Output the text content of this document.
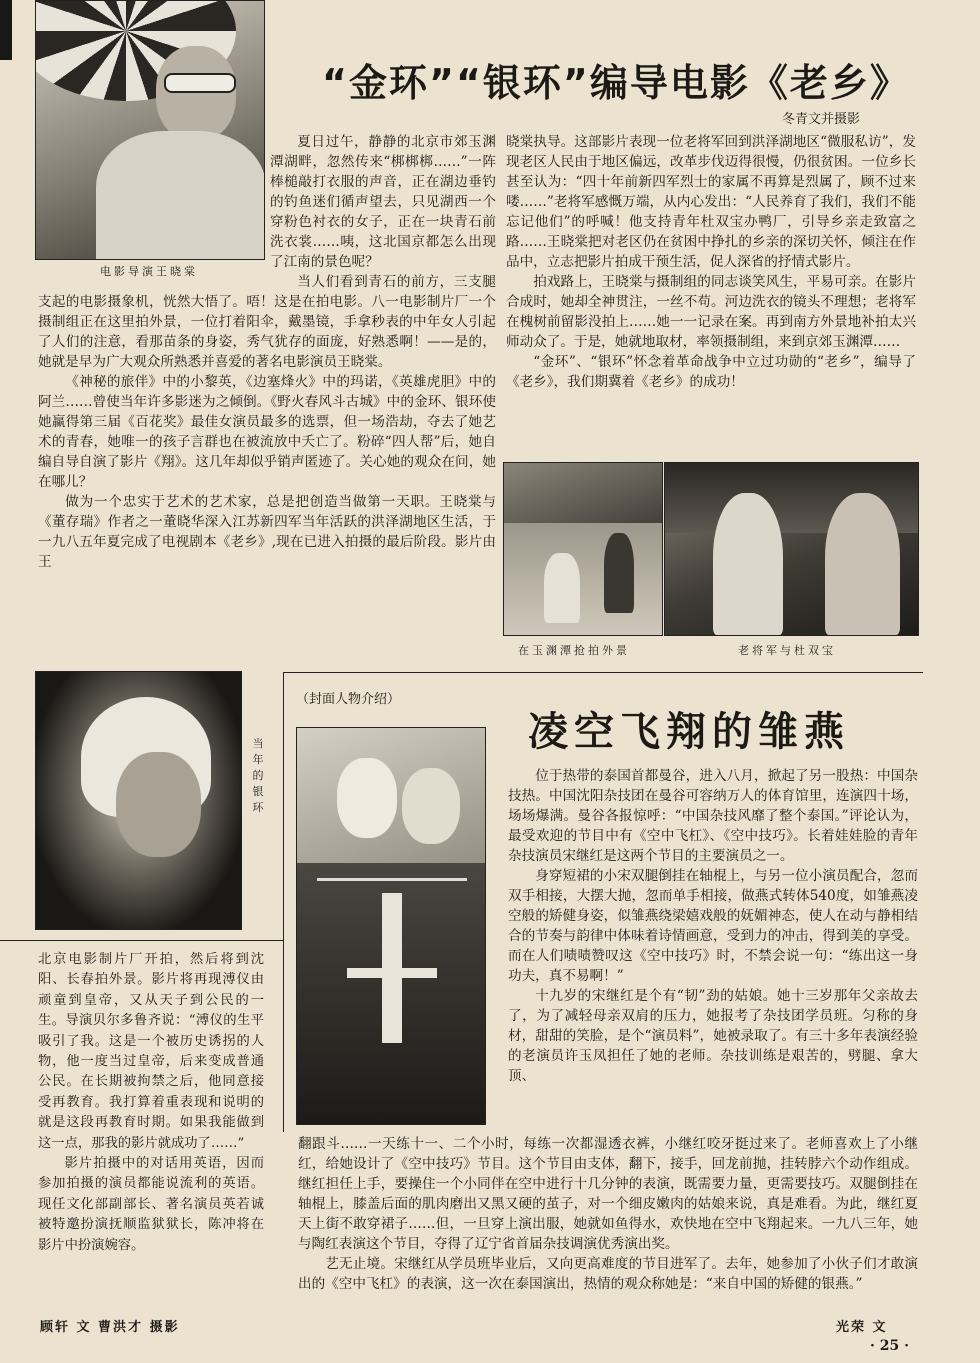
电影导演王晓棠
“金环”“银环”编导电影《老乡》
冬青文并摄影

夏日过午，静静的北京市郊玉渊潭湖畔，忽然传来“梆梆梆……”一阵棒槌敲打衣服的声音，正在湖边垂钓的钓鱼迷们循声望去，只见湖西一个穿粉色衬衣的女子，正在一块青石前洗衣裳……咦，这北国京都怎么出现了江南的景色呢？

当人们看到青石的前方，三支腿支起的电影摄象机，恍然大悟了。唔！这是在拍电影。八一电影制片厂一个摄制组正在这里拍外景，一位打着阳伞，戴墨镜，手拿秒表的中年女人引起了人们的注意，看那苗条的身姿，秀气犹存的面庞，好熟悉啊！——是的，她就是早为广大观众所熟悉并喜爱的著名电影演员王晓棠。

《神秘的旅伴》中的小黎英，《边塞烽火》中的玛诺，《英雄虎胆》中的阿兰……曾使当年许多影迷为之倾倒。《野火春风斗古城》中的金环、银环使她赢得第三届《百花奖》最佳女演员最多的选票，但一场浩劫，夺去了她艺术的青春，她唯一的孩子言群也在被流放中夭亡了。粉碎“四人帮”后，她自编自导自演了影片《翔》。这几年却似乎销声匿迹了。关心她的观众在问，她在哪儿？

做为一个忠实于艺术的艺术家，总是把创造当做第一天职。王晓棠与《董存瑞》作者之一董晓华深入江苏新四军当年活跃的洪泽湖地区生活，于一九八五年夏完成了电视剧本《老乡》,现在已进入拍摄的最后阶段。影片由王

晓棠执导。这部影片表现一位老将军回到洪泽湖地区“微服私访”，发现老区人民由于地区偏远，改革步伐迈得很慢，仍很贫困。一位乡长甚至认为：“四十年前新四军烈士的家属不再算是烈属了，顾不过来喽……”老将军感慨万端，从内心发出：“人民养育了我们，我们不能忘记他们”的呼喊！他支持青年杜双宝办鸭厂，引导乡亲走致富之路……王晓棠把对老区仍在贫困中挣扎的乡亲的深切关怀，倾注在作品中，立志把影片拍成干预生活，促人深省的抒情式影片。

拍戏路上，王晓棠与摄制组的同志谈笑风生，平易可亲。在影片合成时，她却全神贯注，一丝不苟。河边洗衣的镜头不理想；老将军在槐树前留影没拍上……她一一记录在案。再到南方外景地补拍太兴师动众了。于是，她就地取材，率领摄制组，来到京郊玉渊潭……

“金环”、“银环”怀念着革命战争中立过功勋的“老乡”，编导了《老乡》，我们期冀着《老乡》的成功！

在玉渊潭抢拍外景	老将军与杜双宝
当年的银环

北京电影制片厂开拍，然后将到沈阳、长春拍外景。影片将再现溥仪由顽童到皇帝，又从天子到公民的一生。导演贝尔多鲁齐说：“溥仪的生平吸引了我。这是一个被历史诱拐的人物，他一度当过皇帝，后来变成普通公民。在长期被拘禁之后，他同意接受再教育。我打算着重表现和说明的就是这段再教育时期。如果我能做到这一点，那我的影片就成功了……”

影片拍摄中的对话用英语，因而参加拍摄的演员都能说流利的英语。现任文化部副部长、著名演员英若诚被特邀扮演抚顺监狱狱长，陈冲将在影片中扮演婉容。

顾轩 文 曹洪才 摄影
（封面人物介绍）
凌空飞翔的雏燕

位于热带的泰国首都曼谷，进入八月，掀起了另一股热：中国杂技热。中国沈阳杂技团在曼谷可容纳万人的体育馆里，连演四十场，场场爆满。曼谷各报惊呼：“中国杂技风靡了整个泰国。”评论认为，最受欢迎的节目中有《空中飞杠》、《空中技巧》。长着娃娃脸的青年杂技演员宋继红是这两个节目的主要演员之一。

身穿短裙的小宋双腿倒挂在轴棍上，与另一位小演员配合，忽而双手相接，大摆大抛，忽而单手相接，做燕式转体540度，如雏燕凌空般的矫健身姿，似雏燕绕梁嬉戏般的妩媚神态，使人在动与静相结合的节奏与韵律中体味着诗情画意，受到力的冲击，得到美的享受。而在人们啧啧赞叹这《空中技巧》时，不禁会说一句：“练出这一身功夫，真不易啊！”

十九岁的宋继红是个有“韧”劲的姑娘。她十三岁那年父亲故去了，为了减轻母亲双肩的压力，她报考了杂技团学员班。匀称的身材，甜甜的笑脸，是个“演员料”，她被录取了。有三十多年表演经验的老演员许玉凤担任了她的老师。杂技训练是艰苦的，劈腿、拿大顶、

翻跟斗……一天练十一、二个小时，每练一次都湿透衣裤，小继红咬牙挺过来了。老师喜欢上了小继红，给她设计了《空中技巧》节目。这个节目由支体，翻下，接手，回龙前抛，挂转脖六个动作组成。继红担任上手，要操住一个小同伴在空中进行十几分钟的表演，既需要力量，更需要技巧。双腿倒挂在轴棍上，膝盖后面的肌肉磨出又黑又硬的茧子，对一个细皮嫩肉的姑娘来说，真是难看。为此，继红夏天上街不敢穿裙子……但，一旦穿上演出服，她就如鱼得水，欢快地在空中飞翔起来。一九八三年，她与陶红表演这个节目，夺得了辽宁省首届杂技调演优秀演出奖。

艺无止境。宋继红从学员班毕业后，又向更高难度的节目进军了。去年，她参加了小伙子们才敢演出的《空中飞杠》的表演，这一次在泰国演出，热情的观众称她是：“来自中国的矫健的银燕。”

光荣 文
· 25 ·
